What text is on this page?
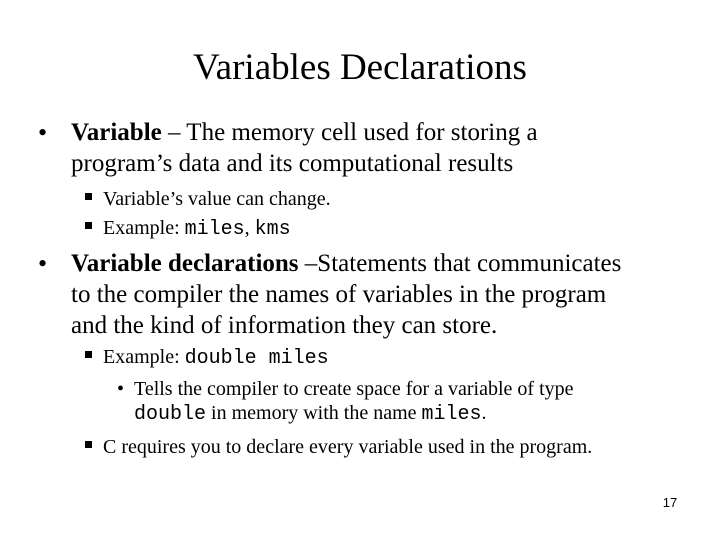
Variables Declarations
• Variable – The memory cell used for storing a
program’s data and its computational results
Variable’s value can change.
Example: miles, kms
• Variable declarations –Statements that communicates
to the compiler the names of variables in the program
and the kind of information they can store.
Example: double miles
• Tells the compiler to create space for a variable of type
double in memory with the name miles.
C requires you to declare every variable used in the program.
17
